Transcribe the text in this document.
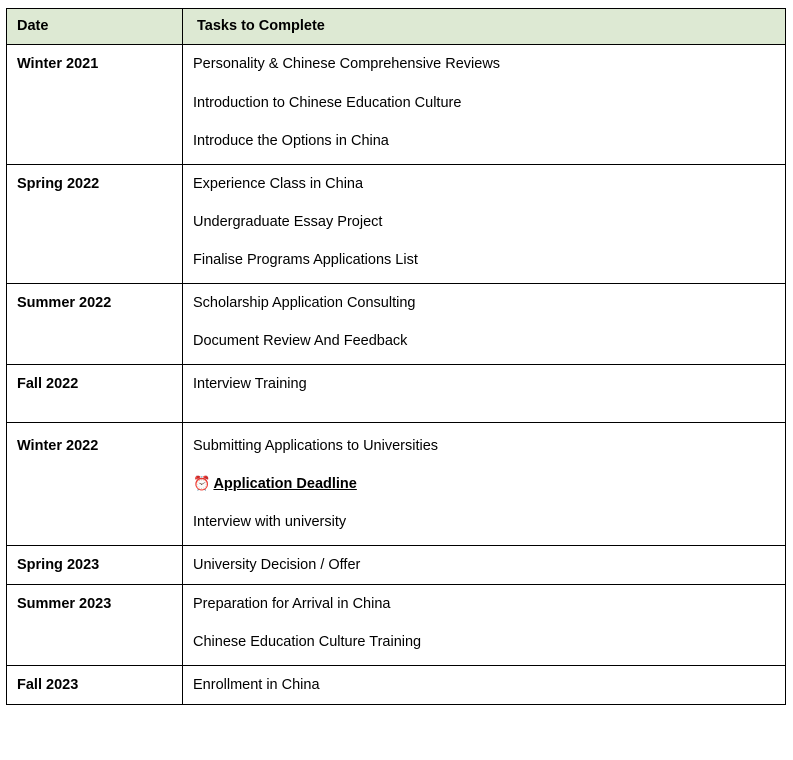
Date	Tasks to Complete
Winter 2021	Personality & Chinese Comprehensive Reviews
Introduction to Chinese Education Culture
Introduce the Options in China

Spring 2022	Experience Class in China
Undergraduate Essay Project
Finalise Programs Applications List

Summer 2022	Scholarship Application Consulting
Document Review And Feedback

Fall 2022	Interview Training

Winter 2022	Submitting Applications to Universities
⏰ Application Deadline
Interview with university

Spring 2023	University Decision / Offer

Summer 2023	Preparation for Arrival in China
Chinese Education Culture Training

Fall 2023	Enrollment in China
